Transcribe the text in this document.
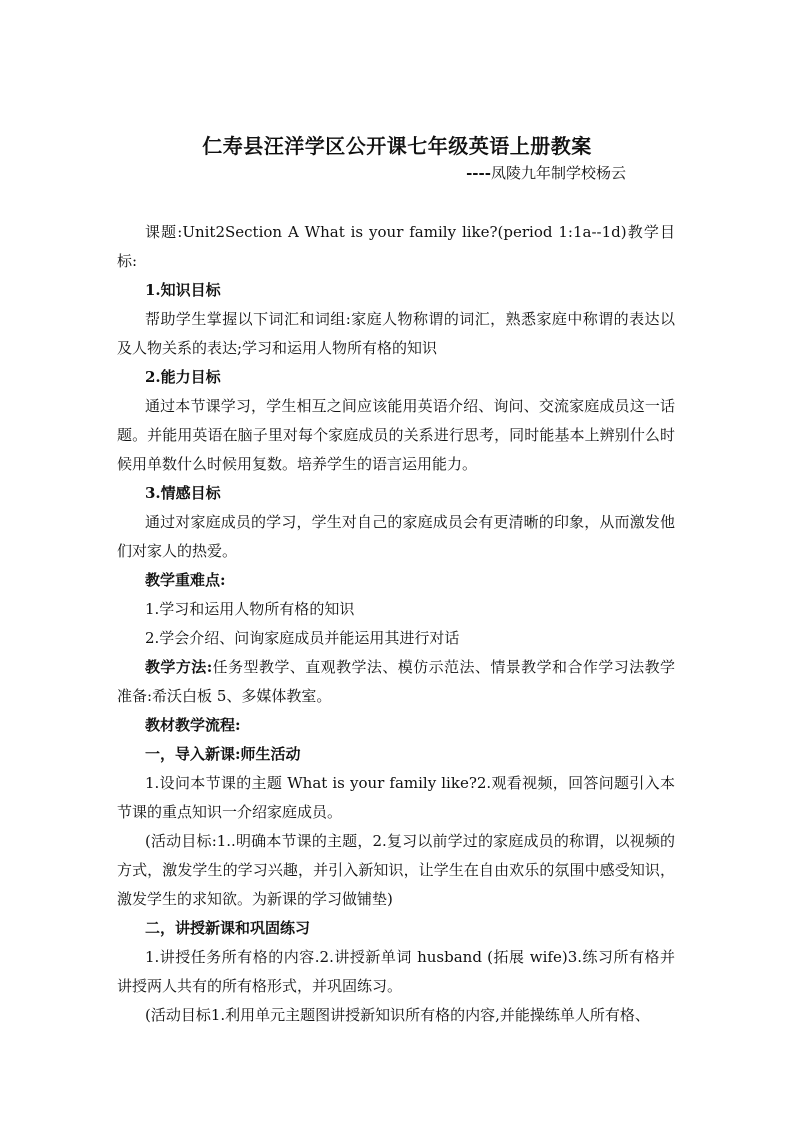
仁寿县汪洋学区公开课七年级英语上册教案
----凤陵九年制学校杨云

课题:Unit2Section A What is your family like?(period 1:1a--1d)教学目标:

1.知识目标

帮助学生掌握以下词汇和词组:家庭人物称谓的词汇，熟悉家庭中称谓的表达以及人物关系的表达;学习和运用人物所有格的知识

2.能力目标

通过本节课学习，学生相互之间应该能用英语介绍、询问、交流家庭成员这一话题。并能用英语在脑子里对每个家庭成员的关系进行思考，同时能基本上辨别什么时候用单数什么时候用复数。培养学生的语言运用能力。

3.情感目标

通过对家庭成员的学习，学生对自己的家庭成员会有更清晰的印象，从而激发他们对家人的热爱。

教学重难点:

1.学习和运用人物所有格的知识

2.学会介绍、问询家庭成员并能运用其进行对话

教学方法:任务型教学、直观教学法、模仿示范法、情景教学和合作学习法教学准备:希沃白板 5、多媒体教室。

教材教学流程:

一，导入新课:师生活动

1.设问本节课的主题 What is your family like?2.观看视频，回答问题引入本节课的重点知识一介绍家庭成员。

(活动目标:1..明确本节课的主题，2.复习以前学过的家庭成员的称谓，以视频的方式，激发学生的学习兴趣，并引入新知识，让学生在自由欢乐的氛围中感受知识，激发学生的求知欲。为新课的学习做铺垫)

二，讲授新课和巩固练习

1.讲授任务所有格的内容.2.讲授新单词 husband (拓展 wife)3.练习所有格并讲授两人共有的所有格形式，并巩固练习。

(活动目标1.利用单元主题图讲授新知识所有格的内容,并能操练单人所有格、
